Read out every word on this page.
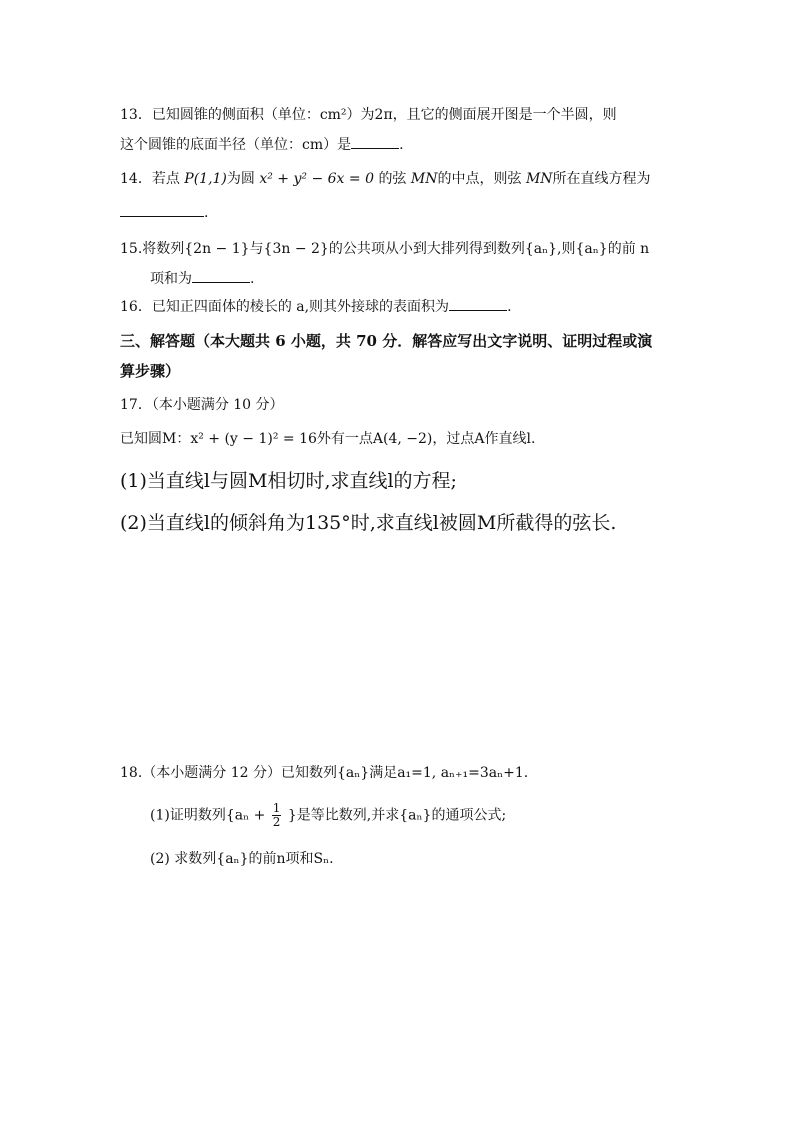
13．已知圆锥的侧面积（单位：cm²）为2π，且它的侧面展开图是一个半圆，则
这个圆锥的底面半径（单位：cm）是	.
14．若点 P(1,1)为圆 x² + y² − 6x = 0 的弦 MN的中点，则弦 MN所在直线方程为
.
15.将数列{2n − 1}与{3n − 2}的公共项从小到大排列得到数列{aₙ},则{aₙ}的前 n
项和为	.
16．已知正四面体的棱长的 a,则其外接球的表面积为	.
三、解答题（本大题共 6 小题，共 70 分．解答应写出文字说明、证明过程或演
算步骤）
17．（本小题满分 10 分）
已知圆M：x² + (y − 1)² = 16外有一点A(4, −2)，过点A作直线l.
(1)当直线l与圆M相切时,求直线l的方程;
(2)当直线l的倾斜角为135°时,求直线l被圆M所截得的弦长.
18.（本小题满分 12 分）已知数列{aₙ}满足a₁=1, aₙ₊₁=3aₙ+1.
(1)证明数列{$a_n + \frac{1}{2}$ }是等比数列,并求{aₙ}的通项公式;
(2) 求数列{aₙ}的前n项和Sₙ.
